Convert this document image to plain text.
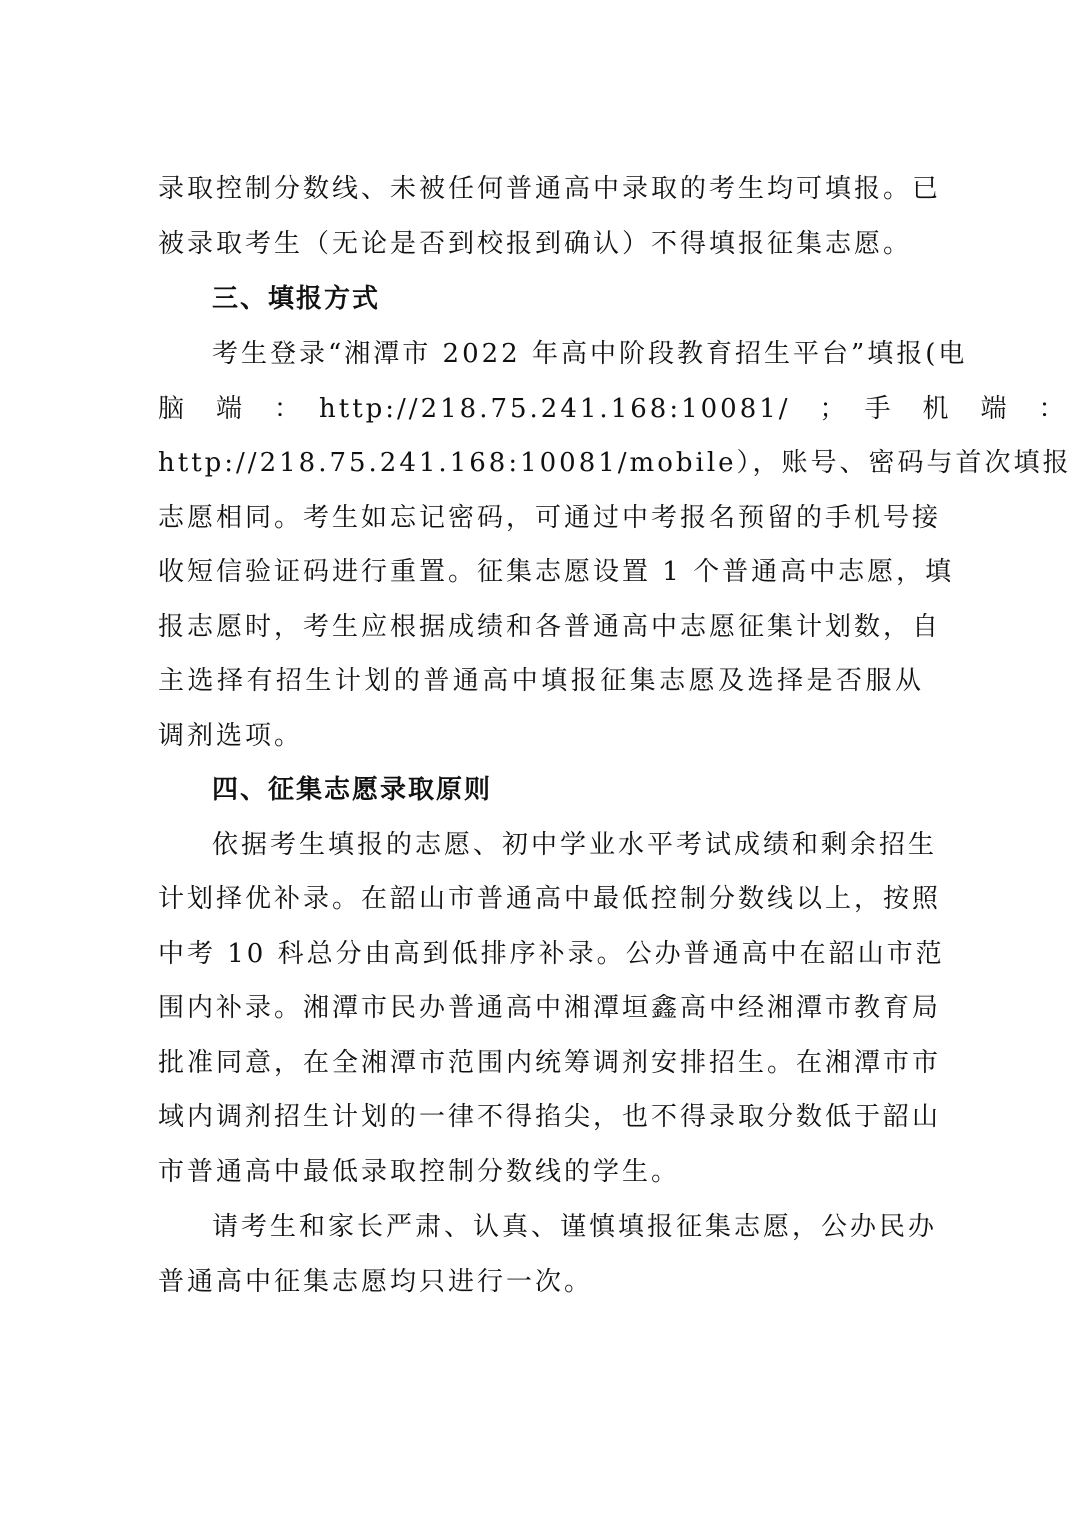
录取控制分数线、未被任何普通高中录取的考生均可填报。已
被录取考生（无论是否到校报到确认）不得填报征集志愿。
三、填报方式
考生登录“湘潭市 2022 年高中阶段教育招生平台”填报(电
脑　端　：　http://218.75.241.168:10081/　；　手　机　端　：
http://218.75.241.168:10081/mobile），账号、密码与首次填报
志愿相同。考生如忘记密码，可通过中考报名预留的手机号接
收短信验证码进行重置。征集志愿设置 1 个普通高中志愿，填
报志愿时，考生应根据成绩和各普通高中志愿征集计划数，自
主选择有招生计划的普通高中填报征集志愿及选择是否服从
调剂选项。
四、征集志愿录取原则
依据考生填报的志愿、初中学业水平考试成绩和剩余招生
计划择优补录。在韶山市普通高中最低控制分数线以上，按照
中考 10 科总分由高到低排序补录。公办普通高中在韶山市范
围内补录。湘潭市民办普通高中湘潭垣鑫高中经湘潭市教育局
批准同意，在全湘潭市范围内统筹调剂安排招生。在湘潭市市
域内调剂招生计划的一律不得掐尖，也不得录取分数低于韶山
市普通高中最低录取控制分数线的学生。
请考生和家长严肃、认真、谨慎填报征集志愿，公办民办
普通高中征集志愿均只进行一次。
